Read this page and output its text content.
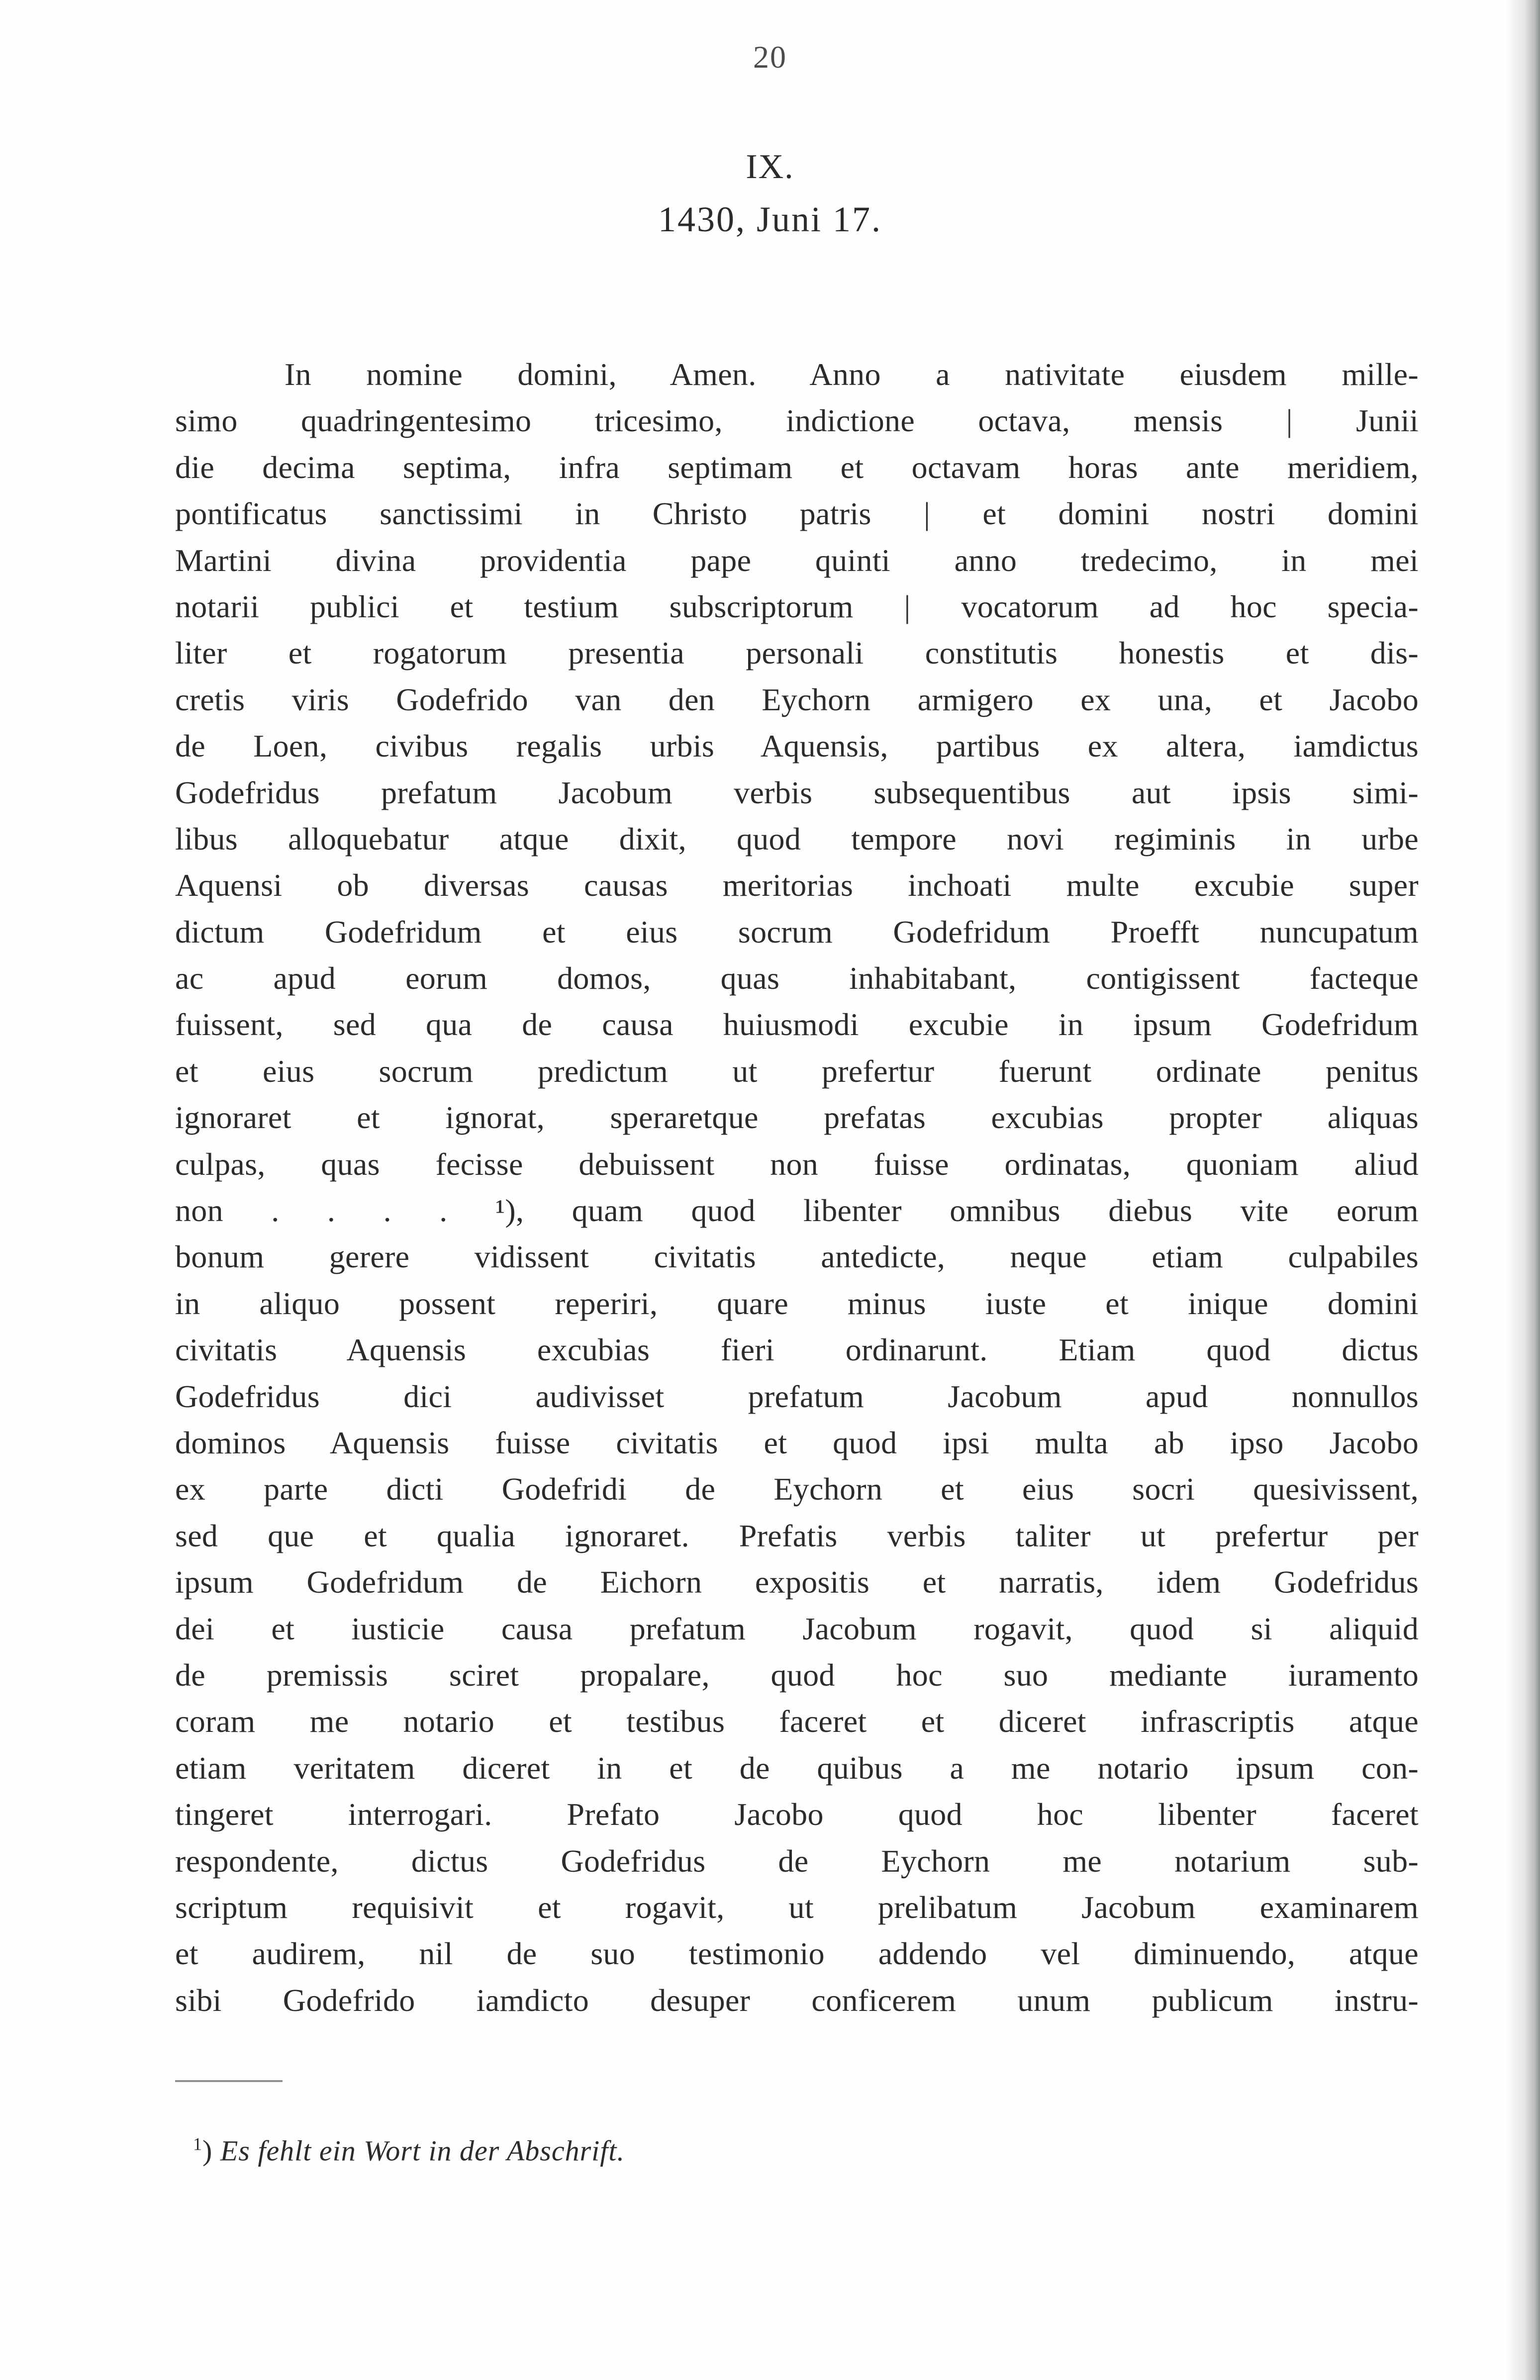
20
IX.
1430, Juni 17.
In nomine domini, Amen. Anno a nativitate eiusdem mille-
simo quadringentesimo tricesimo, indictione octava, mensis | Junii
die decima septima, infra septimam et octavam horas ante meridiem,
pontificatus sanctissimi in Christo patris | et domini nostri domini
Martini divina providentia pape quinti anno tredecimo, in mei
notarii publici et testium subscriptorum | vocatorum ad hoc specia-
liter et rogatorum presentia personali constitutis honestis et dis-
cretis viris Godefrido van den Eychorn armigero ex una, et Jacobo
de Loen, civibus regalis urbis Aquensis, partibus ex altera, iamdictus
Godefridus prefatum Jacobum verbis subsequentibus aut ipsis simi-
libus alloquebatur atque dixit, quod tempore novi regiminis in urbe
Aquensi ob diversas causas meritorias inchoati multe excubie super
dictum Godefridum et eius socrum Godefridum Proefft nuncupatum
ac apud eorum domos, quas inhabitabant, contigissent facteque
fuissent, sed qua de causa huiusmodi excubie in ipsum Godefridum
et eius socrum predictum ut prefertur fuerunt ordinate penitus
ignoraret et ignorat, speraretque prefatas excubias propter aliquas
culpas, quas fecisse debuissent non fuisse ordinatas, quoniam aliud
non . . . . ¹), quam quod libenter omnibus diebus vite eorum
bonum gerere vidissent civitatis antedicte, neque etiam culpabiles
in aliquo possent reperiri, quare minus iuste et inique domini
civitatis Aquensis excubias fieri ordinarunt. Etiam quod dictus
Godefridus dici audivisset prefatum Jacobum apud nonnullos
dominos Aquensis fuisse civitatis et quod ipsi multa ab ipso Jacobo
ex parte dicti Godefridi de Eychorn et eius socri quesivissent,
sed que et qualia ignoraret. Prefatis verbis taliter ut prefertur per
ipsum Godefridum de Eichorn expositis et narratis, idem Godefridus
dei et iusticie causa prefatum Jacobum rogavit, quod si aliquid
de premissis sciret propalare, quod hoc suo mediante iuramento
coram me notario et testibus faceret et diceret infrascriptis atque
etiam veritatem diceret in et de quibus a me notario ipsum con-
tingeret interrogari. Prefato Jacobo quod hoc libenter faceret
respondente, dictus Godefridus de Eychorn me notarium sub-
scriptum requisivit et rogavit, ut prelibatum Jacobum examinarem
et audirem, nil de suo testimonio addendo vel diminuendo, atque
sibi Godefrido iamdicto desuper conficerem unum publicum instru-
$^1$) Es fehlt ein Wort in der Abschrift.
